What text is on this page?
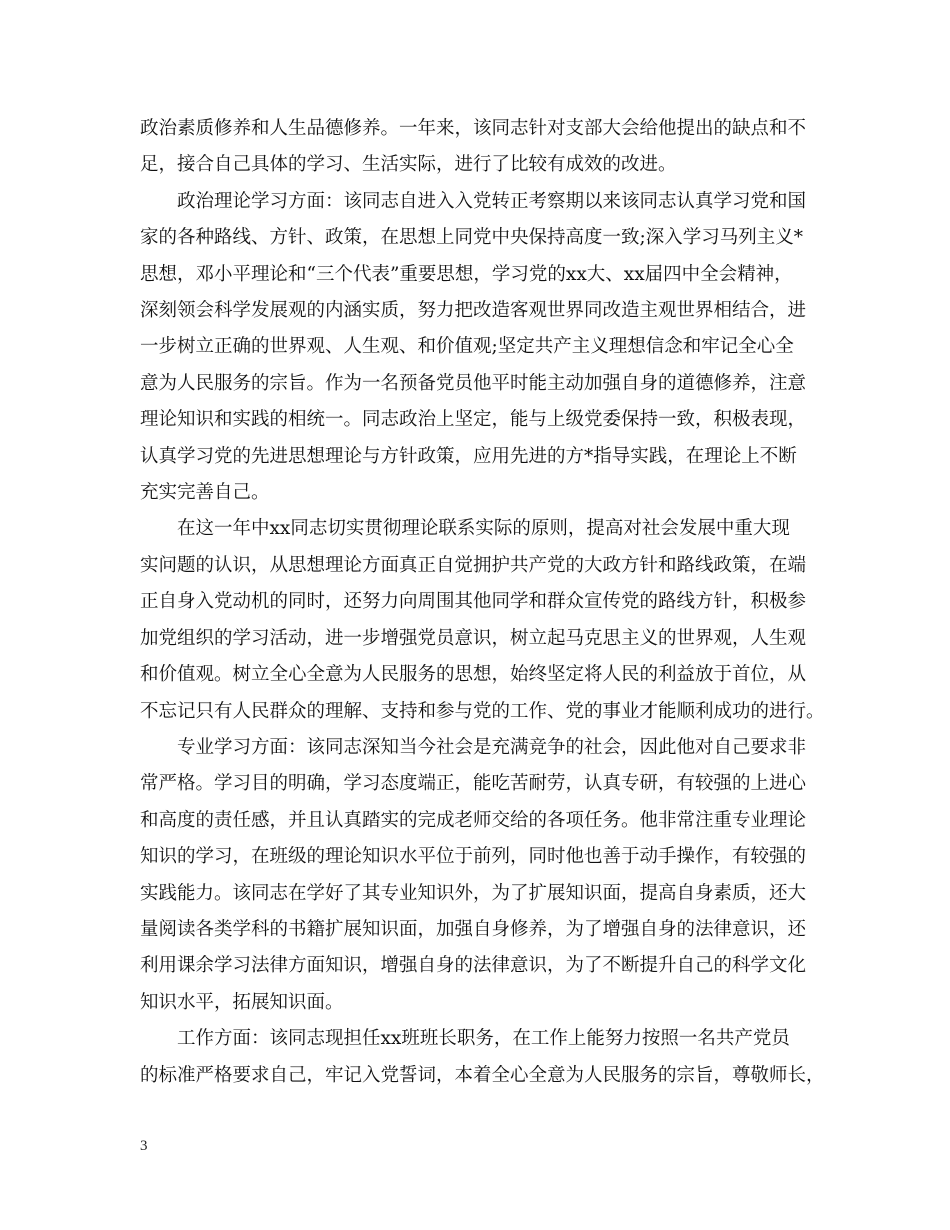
政治素质修养和人生品德修养。一年来，该同志针对支部大会给他提出的缺点和不
足，接合自己具体的学习、生活实际，进行了比较有成效的改进。

　　政治理论学习方面：该同志自进入入党转正考察期以来该同志认真学习党和国
家的各种路线、方针、政策，在思想上同党中央保持高度一致;深入学习马列主义*
思想，邓小平理论和“三个代表”重要思想，学习党的xx大、xx届四中全会精神，
深刻领会科学发展观的内涵实质，努力把改造客观世界同改造主观世界相结合，进
一步树立正确的世界观、人生观、和价值观;坚定共产主义理想信念和牢记全心全
意为人民服务的宗旨。作为一名预备党员他平时能主动加强自身的道德修养，注意
理论知识和实践的相统一。同志政治上坚定，能与上级党委保持一致，积极表现，
认真学习党的先进思想理论与方针政策，应用先进的方*指导实践，在理论上不断
充实完善自己。

　　在这一年中xx同志切实贯彻理论联系实际的原则，提高对社会发展中重大现
实问题的认识，从思想理论方面真正自觉拥护共产党的大政方针和路线政策，在端
正自身入党动机的同时，还努力向周围其他同学和群众宣传党的路线方针，积极参
加党组织的学习活动，进一步增强党员意识，树立起马克思主义的世界观，人生观
和价值观。树立全心全意为人民服务的思想，始终坚定将人民的利益放于首位，从
不忘记只有人民群众的理解、支持和参与党的工作、党的事业才能顺利成功的进行。

　　专业学习方面：该同志深知当今社会是充满竞争的社会，因此他对自己要求非
常严格。学习目的明确，学习态度端正，能吃苦耐劳，认真专研，有较强的上进心
和高度的责任感，并且认真踏实的完成老师交给的各项任务。他非常注重专业理论
知识的学习，在班级的理论知识水平位于前列，同时他也善于动手操作，有较强的
实践能力。该同志在学好了其专业知识外，为了扩展知识面，提高自身素质，还大
量阅读各类学科的书籍扩展知识面，加强自身修养，为了增强自身的法律意识，还
利用课余学习法律方面知识，增强自身的法律意识，为了不断提升自己的科学文化
知识水平，拓展知识面。

　　工作方面：该同志现担任xx班班长职务，在工作上能努力按照一名共产党员
的标准严格要求自己，牢记入党誓词，本着全心全意为人民服务的宗旨，尊敬师长，

3
